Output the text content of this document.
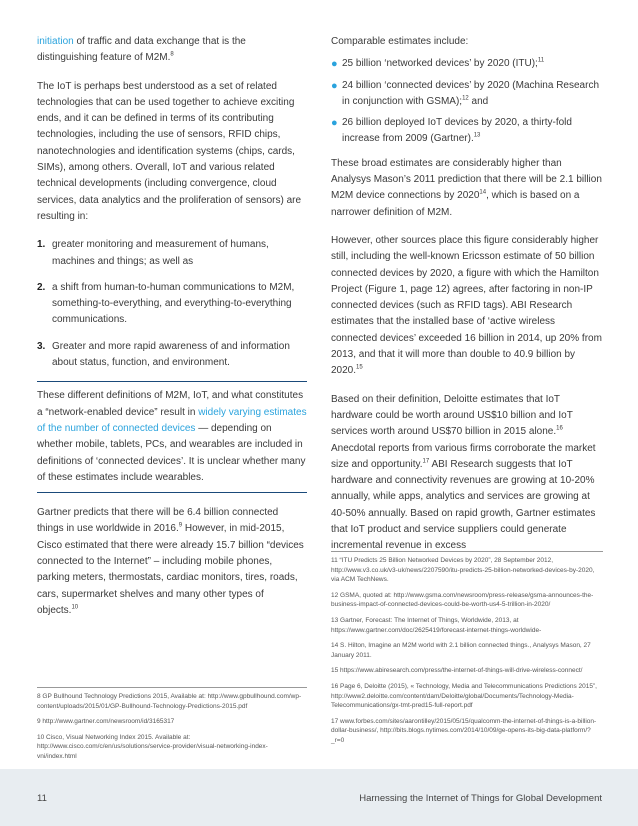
initiation of traffic and data exchange that is the distinguishing feature of M2M.$^8$

The IoT is perhaps best understood as a set of related technologies that can be used together to achieve exciting ends, and it can be defined in terms of its contributing technologies, including the use of sensors, RFID chips, nanotechnologies and identification systems (chips, cards, SIMs), among others. Overall, IoT and various related technical developments (including convergence, cloud services, data analytics and the proliferation of sensors) are resulting in:

1. greater monitoring and measurement of humans, machines and things; as well as
2. a shift from human-to-human communications to M2M, something-to-everything, and everything-to-everything communications.
3. Greater and more rapid awareness of and information about status, function, and environment.

These different definitions of M2M, IoT, and what constitutes a “network-enabled device” result in widely varying estimates of the number of connected devices — depending on whether mobile, tablets, PCs, and wearables are included in definitions of ‘connected devices’. It is unclear whether many of these estimates include wearables.

Gartner predicts that there will be 6.4 billion connected things in use worldwide in 2016.$^9$ However, in mid-2015, Cisco estimated that there were already 15.7 billion “devices connected to the Internet” – including mobile phones, parking meters, thermostats, cardiac monitors, tires, roads, cars, supermarket shelves and many other types of objects.$^{10}$

Comparable estimates include:

● 25 billion ‘networked devices’ by 2020 (ITU);$^{11}$
● 24 billion ‘connected devices’ by 2020 (Machina Research in conjunction with GSMA);$^{12}$ and
● 26 billion deployed IoT devices by 2020, a thirty-fold increase from 2009 (Gartner).$^{13}$

These broad estimates are considerably higher than Analysys Mason’s 2011 prediction that there will be 2.1 billion M2M device connections by 2020$^{14}$, which is based on a narrower definition of M2M.

However, other sources place this figure considerably higher still, including the well-known Ericsson estimate of 50 billion connected devices by 2020, a figure with which the Hamilton Project (Figure 1, page 12) agrees, after factoring in non-IP connected devices (such as RFID tags). ABI Research estimates that the installed base of ‘active wireless connected devices’ exceeded 16 billion in 2014, up 20% from 2013, and that it will more than double to 40.9 billion by 2020.15

Based on their definition, Deloitte estimates that IoT hardware could be worth around US$10 billion and IoT services worth around US$70 billion in 2015 alone.$^{16}$ Anecdotal reports from various firms corroborate the market size and opportunity.$^{17}$ ABI Research suggests that IoT hardware and connectivity revenues are growing at 10-20% annually, while apps, analytics and services are growing at 40-50% annually. Based on rapid growth, Gartner estimates that IoT product and service suppliers could generate incremental revenue in excess

8 GP Bullhound Technology Predictions 2015, Available at: http://www.gpbullhound.com/wp-content/uploads/2015/01/GP-Bullhound-Technology-Predictions-2015.pdf

9 http://www.gartner.com/newsroom/id/3165317

10 Cisco, Visual Networking Index 2015. Available at: http://www.cisco.com/c/en/us/solutions/service-provider/visual-networking-index-vni/index.html

11 “ITU Predicts 25 Billion Networked Devices by 2020”, 28 September 2012, http://www.v3.co.uk/v3-uk/news/2207590/itu-predicts-25-billion-networked-devices-by-2020, via ACM TechNews.

12 GSMA, quoted at: http://www.gsma.com/newsroom/press-release/gsma-announces-the-business-impact-of-connected-devices-could-be-worth-us4-5-trillion-in-2020/

13 Gartner, Forecast: The Internet of Things, Worldwide, 2013, at https://www.gartner.com/doc/2625419/forecast-internet-things-worldwide-

14 S. Hilton, Imagine an M2M world with 2.1 billion connected things., Analysys Mason, 27 January 2011.

15 https://www.abiresearch.com/press/the-internet-of-things-will-drive-wireless-connect/

16 Page 6, Deloitte (2015), « Technology, Media and Telecommunications Predictions 2015”, http://www2.deloitte.com/content/dam/Deloitte/global/Documents/Technology-Media-Telecommunications/gx-tmt-pred15-full-report.pdf

17 www.forbes.com/sites/aarontilley/2015/05/15/qualcomm-the-internet-of-things-is-a-billion-dollar-business/, http://bits.blogs.nytimes.com/2014/10/09/ge-opens-its-big-data-platform/?_r=0

11	Harnessing the Internet of Things for Global Development
